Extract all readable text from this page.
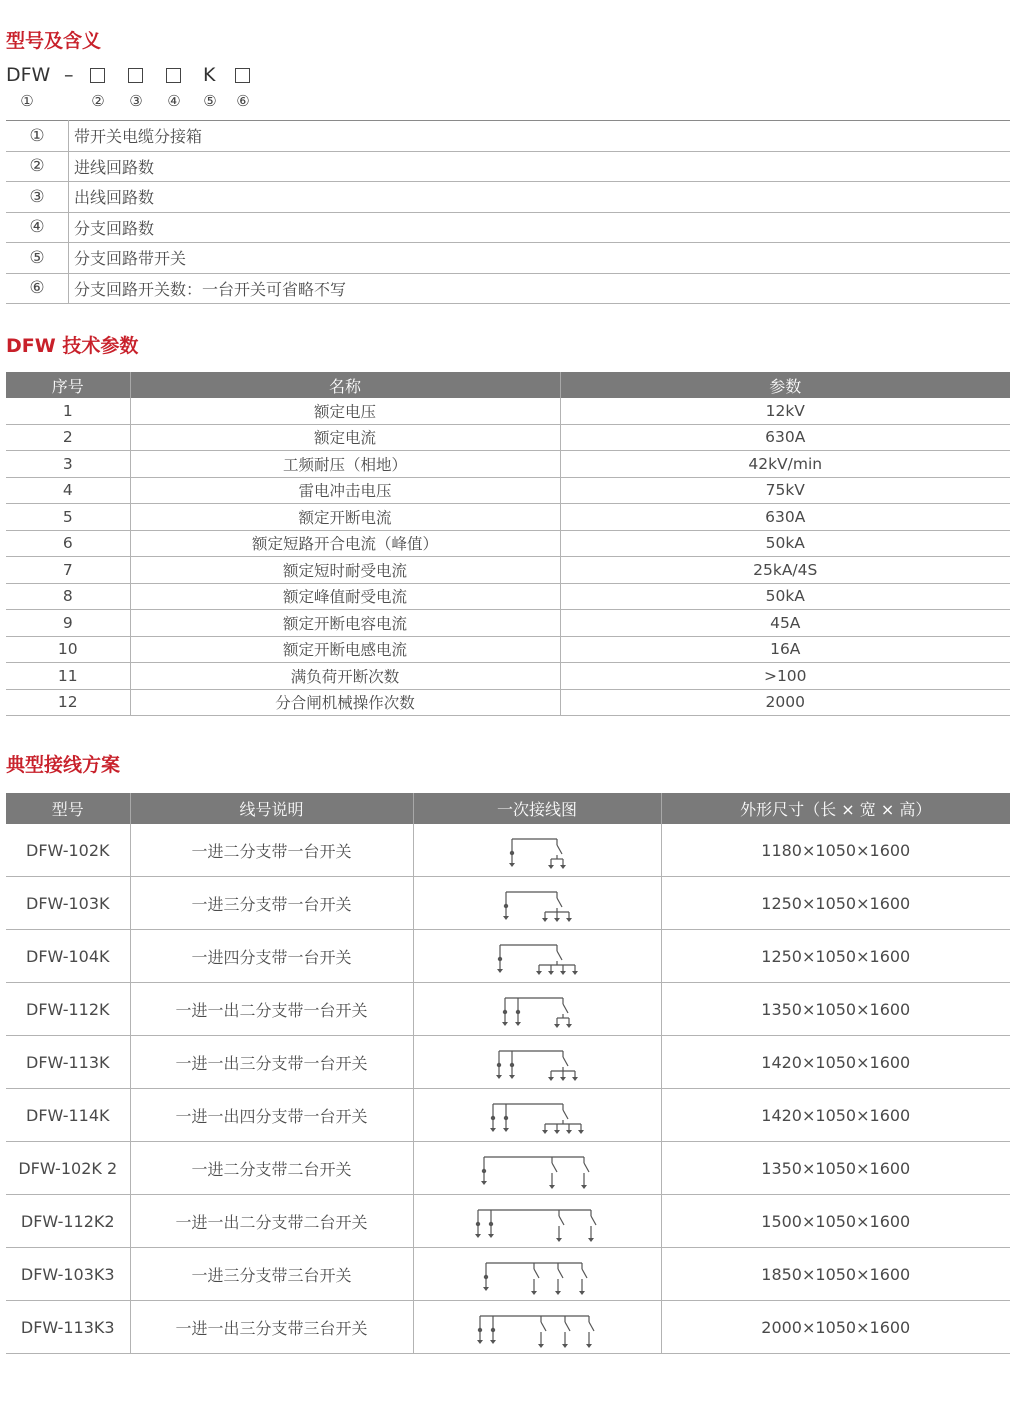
型号及含义
DFW –	K
①	②	③	④	⑤	⑥
①	带开关电缆分接箱
②	进线回路数
③	出线回路数
④	分支回路数
⑤	分支回路带开关
⑥	分支回路开关数：一台开关可省略不写
DFW 技术参数
序号	名称	参数
1	额定电压	12kV
2	额定电流	630A
3	工频耐压（相地）	42kV/min
4	雷电冲击电压	75kV
5	额定开断电流	630A
6	额定短路开合电流（峰值）	50kA
7	额定短时耐受电流	25kA/4S
8	额定峰值耐受电流	50kA
9	额定开断电容电流	45A
10	额定开断电感电流	16A
11	满负荷开断次数	>100
12	分合闸机械操作次数	2000
典型接线方案
型号	线号说明	一次接线图	外形尺寸（长 × 宽 × 高）
DFW-102K	一进二分支带一台开关		1180×1050×1600
DFW-103K	一进三分支带一台开关		1250×1050×1600
DFW-104K	一进四分支带一台开关		1250×1050×1600
DFW-112K	一进一出二分支带一台开关		1350×1050×1600
DFW-113K	一进一出三分支带一台开关		1420×1050×1600
DFW-114K	一进一出四分支带一台开关		1420×1050×1600
DFW-102K 2	一进二分支带二台开关		1350×1050×1600
DFW-112K2	一进一出二分支带二台开关		1500×1050×1600
DFW-103K3	一进三分支带三台开关		1850×1050×1600
DFW-113K3	一进一出三分支带三台开关		2000×1050×1600
